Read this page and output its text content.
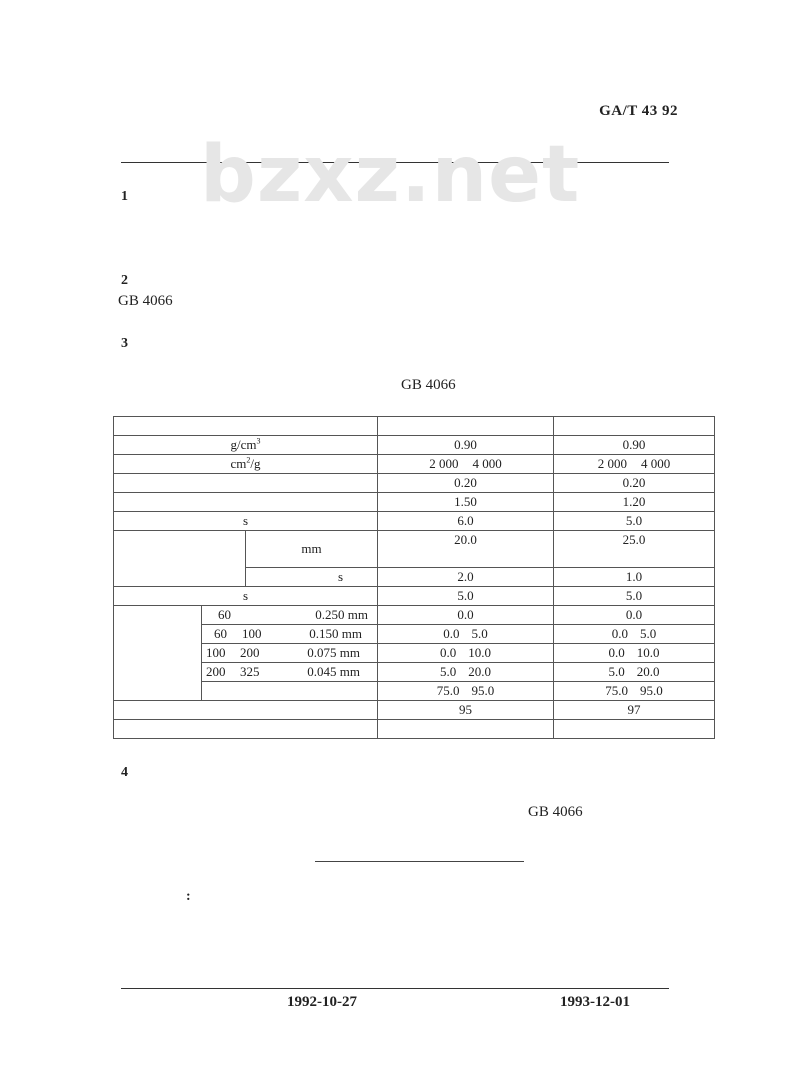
GA/T 43 92
bzxz.net
1
2
GB 4066
3
GB 4066

$g/cm^3$			0.90	0.90
$cm^2/g$			2 000 4 000	2 000 4 000
			0.20	0.20
			1.50	1.20
s			6.0	5.0
		mm	20.0	25.0
		s	2.0	1.0
s			5.0	5.0
	60 0.250 mm		0.0	0.0
	60 100 0.150 mm		0.0 5.0	0.0 5.0
	100 200 0.075 mm		0.0 10.0	0.0 10.0
	200 325 0.045 mm		5.0 20.0	5.0 20.0
			75.0 95.0	75.0 95.0
			95	97

4
GB 4066
:
1992-10-27	1993-12-01
